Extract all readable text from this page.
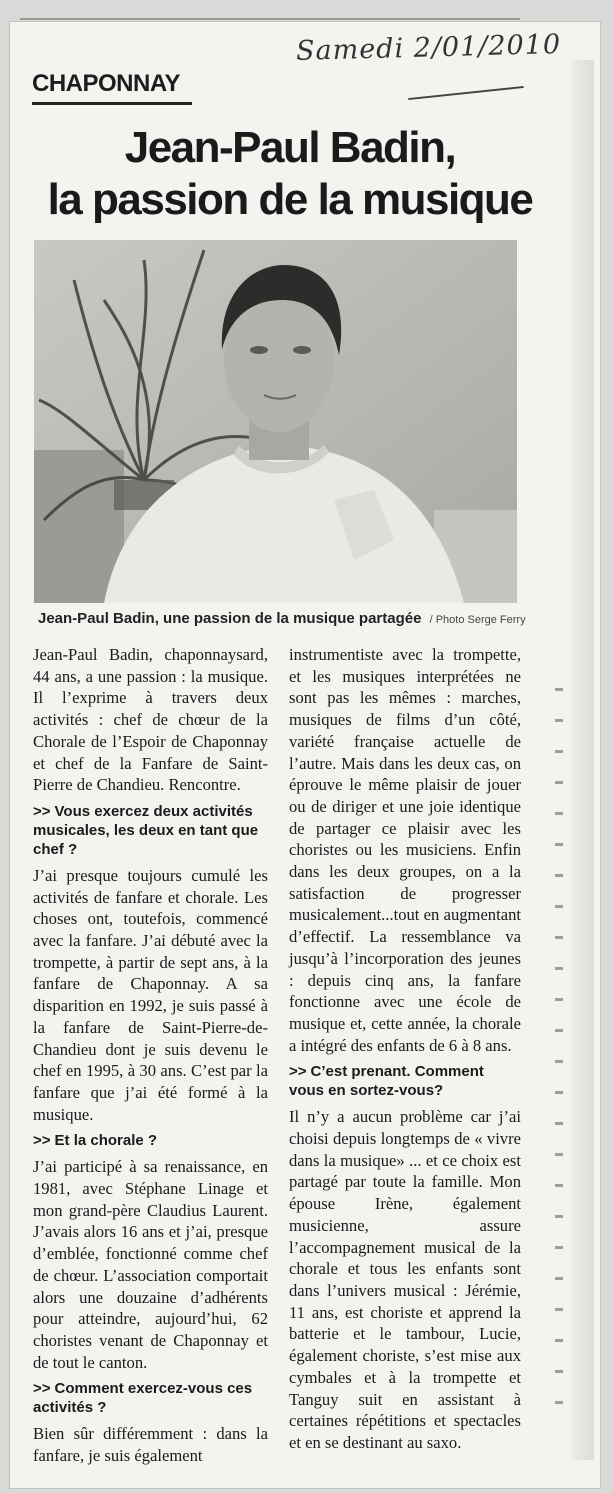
Samedi 2/01/2010
CHAPONNAY
Jean-Paul Badin,
la passion de la musique
Jean-Paul Badin, une passion de la musique partagée / Photo Serge Ferry

Jean-Paul Badin, chaponnaysard, 44 ans, a une passion : la musique. Il l’exprime à travers deux activités : chef de chœur de la Chorale de l’Espoir de Chaponnay et chef de la Fanfare de Saint-Pierre de Chandieu. Rencontre.

>> Vous exercez deux activités musicales, les deux en tant que chef ?

J’ai presque toujours cumulé les activités de fanfare et chorale. Les choses ont, toutefois, commencé avec la fanfare. J’ai débuté avec la trompette, à partir de sept ans, à la fanfare de Chaponnay. A sa disparition en 1992, je suis passé à la fanfare de Saint-Pierre-de-Chandieu dont je suis devenu le chef en 1995, à 30 ans. C’est par la fanfare que j’ai été formé à la musique.

>> Et la chorale ?

J’ai participé à sa renaissance, en 1981, avec Stéphane Linage et mon grand-père Claudius Laurent. J’avais alors 16 ans et j’ai, presque d’emblée, fonctionné comme chef de chœur. L’association comportait alors une douzaine d’adhérents pour atteindre, aujourd’hui, 62 choristes venant de Chaponnay et de tout le canton.

>> Comment exercez-vous ces activités ?

Bien sûr différemment : dans la fanfare, je suis également

instrumentiste avec la trompette, et les musiques interprétées ne sont pas les mêmes : marches, musiques de films d’un côté, variété française actuelle de l’autre. Mais dans les deux cas, on éprouve le même plaisir de jouer ou de diriger et une joie identique de partager ce plaisir avec les choristes ou les musiciens. Enfin dans les deux groupes, on a la satisfaction de progresser musicalement...tout en augmentant d’effectif. La ressemblance va jusqu’à l’incorporation des jeunes : depuis cinq ans, la fanfare fonctionne avec une école de musique et, cette année, la chorale a intégré des enfants de 6 à 8 ans.

>> C’est prenant. Comment vous en sortez-vous?

Il n’y a aucun problème car j’ai choisi depuis longtemps de « vivre dans la musique» ... et ce choix est partagé par toute la famille. Mon épouse Irène, également musicienne, assure l’accompagnement musical de la chorale et tous les enfants sont dans l’univers musical : Jérémie, 11 ans, est choriste et apprend la batterie et le tambour, Lucie, également choriste, s’est mise aux cymbales et à la trompette et Tanguy suit en assistant à certaines répétitions et spectacles et en se destinant au saxo.
